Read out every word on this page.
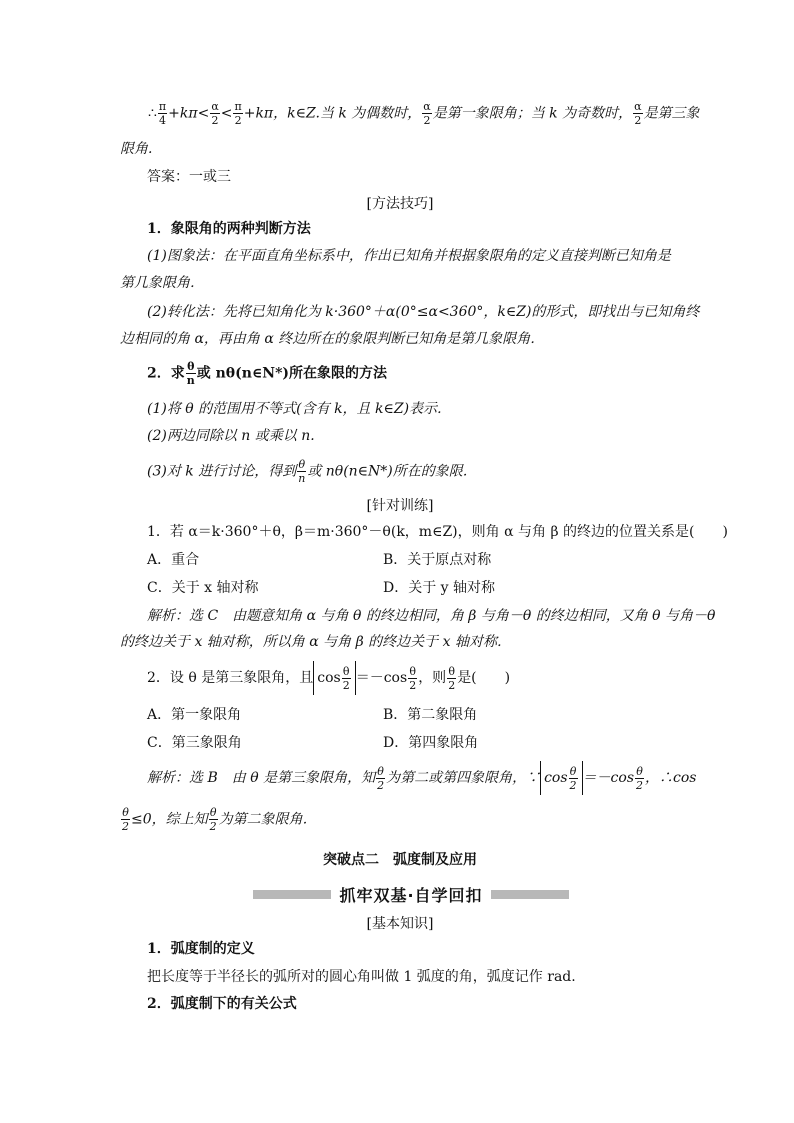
∴ $\frac{\pi}{4} +k\pi< \frac{\alpha}{2} < \frac{\pi}{2} +k\pi$，k∈Z.当 k 为偶数时， $\frac{\alpha}{2}$ 是第一象限角；当 k 为奇数时， $\frac{\alpha}{2}$ 是第三象
限角.
答案：一或三
[方法技巧]
1．象限角的两种判断方法
(1)图象法：在平面直角坐标系中，作出已知角并根据象限角的定义直接判断已知角是
第几象限角．
(2)转化法：先将已知角化为 k·360°＋α(0°≤α<360°，k∈Z)的形式，即找出与已知角终
边相同的角 α，再由角 α 终边所在的象限判断已知角是第几象限角．
2．求 $\frac{\theta}{n}$ 或 nθ(n∈N*)所在象限的方法
(1)将 θ 的范围用不等式(含有 k，且 k∈Z)表示．
(2)两边同除以 n 或乘以 n.
(3)对 k 进行讨论，得到 $\frac{\theta}{n}$ 或 nθ(n∈N*)所在的象限．
[针对训练]
1．若 α＝k·360°＋θ，β＝m·360°－θ(k，m∈Z)，则角 α 与角 β 的终边的位置关系是(　　)
A．重合	B．关于原点对称
C．关于 x 轴对称	D．关于 y 轴对称
解析：选 C　由题意知角 α 与角 θ 的终边相同，角 β 与角－θ 的终边相同，又角 θ 与角－θ
的终边关于 x 轴对称，所以角 α 与角 β 的终边关于 x 轴对称．
2．设 θ 是第三象限角，且 $\cos \frac{\theta}{2} =-\cos \frac{\theta}{2}$ ，则 $\frac{\theta}{2}$ 是(　　)
A．第一象限角	B．第二象限角
C．第三象限角	D．第四象限角
解析：选 B　由 θ 是第三象限角，知 $\frac{\theta}{2}$ 为第二或第四象限角，∵ $\cos \frac{\theta}{2} =-\cos \frac{\theta}{2}$ ，∴cos
$\frac{\theta}{2} \le 0$，综上知 $\frac{\theta}{2}$ 为第二象限角．
突破点二　弧度制及应用
抓牢双基·自学回扣
[基本知识]
1．弧度制的定义
把长度等于半径长的弧所对的圆心角叫做 1 弧度的角，弧度记作 rad.
2．弧度制下的有关公式
